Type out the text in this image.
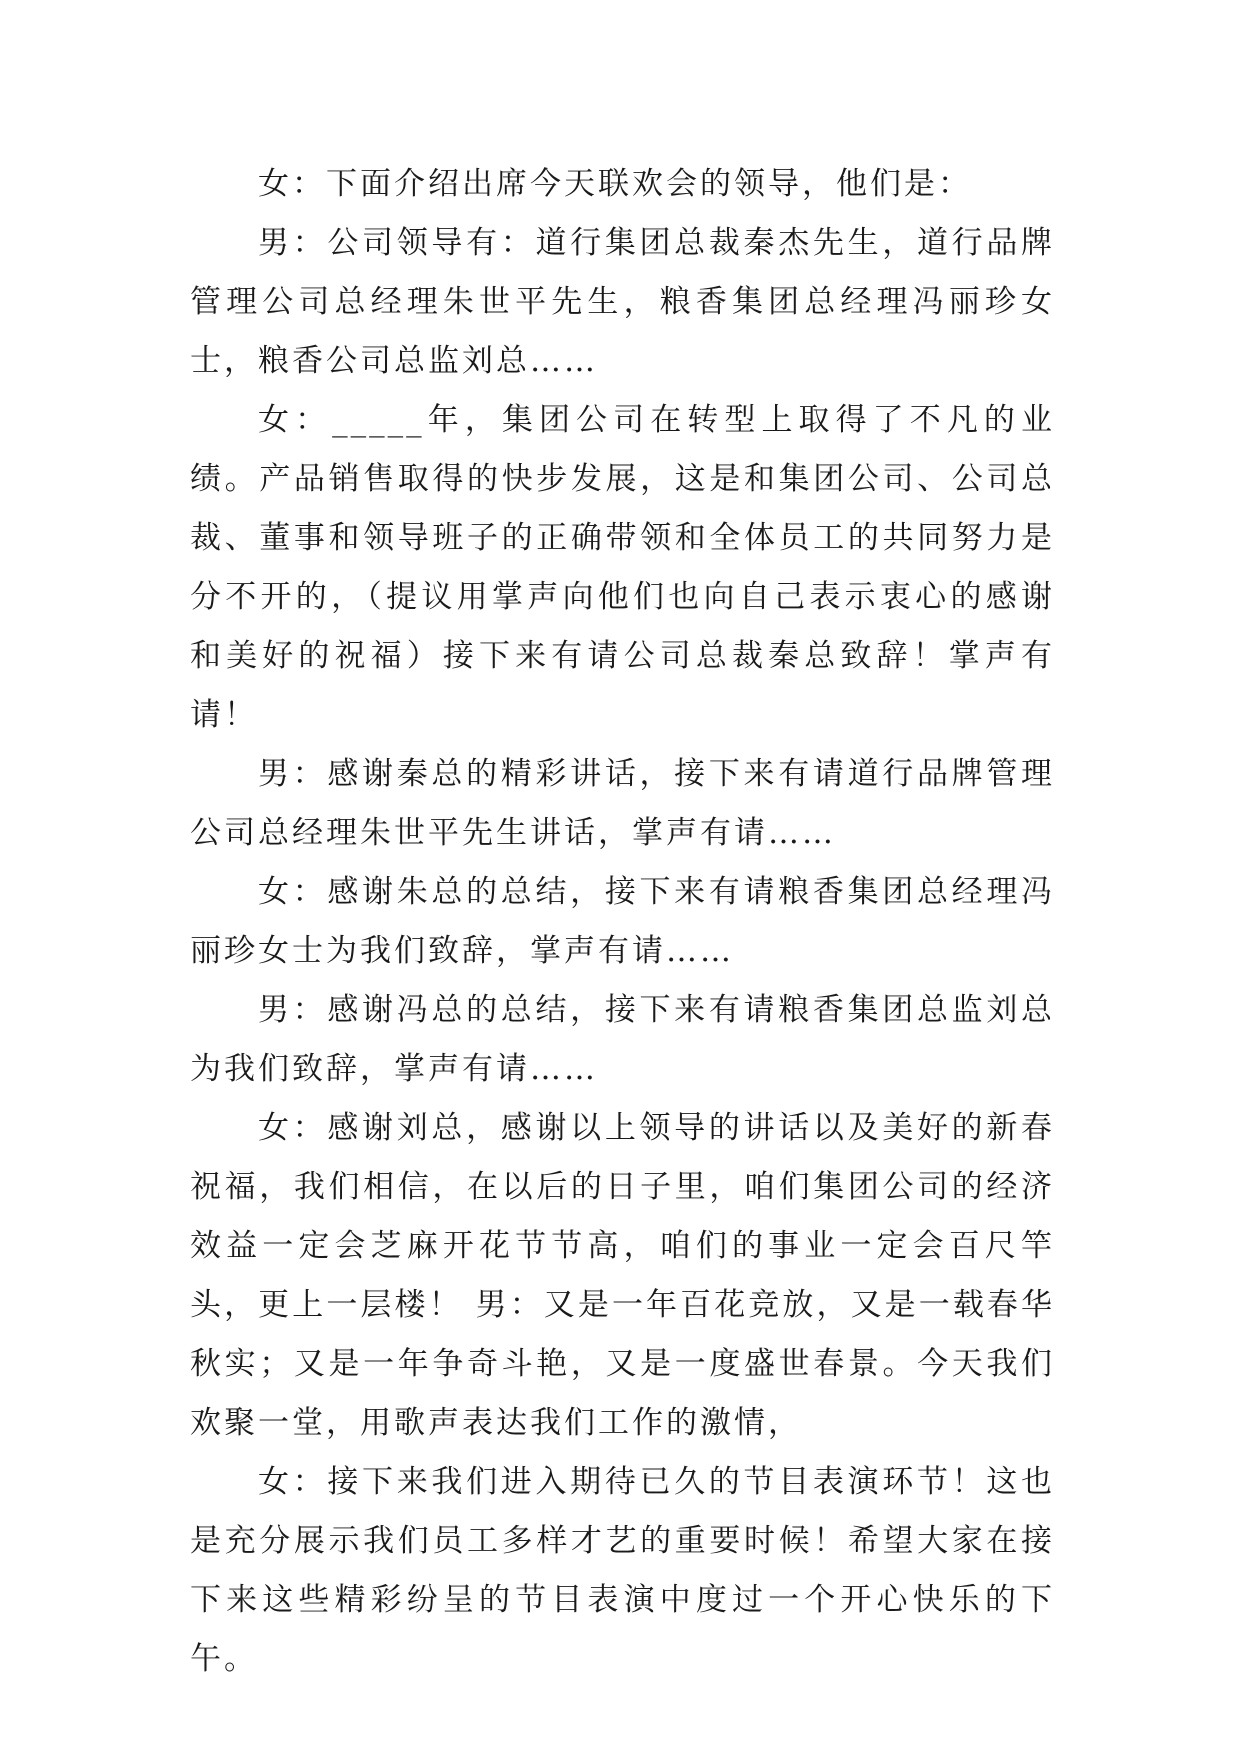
女：下面介绍出席今天联欢会的领导，他们是：

男：公司领导有：道行集团总裁秦杰先生，道行品牌管理公司总经理朱世平先生，粮香集团总经理冯丽珍女士，粮香公司总监刘总……

女：_____年，集团公司在转型上取得了不凡的业绩。产品销售取得的快步发展，这是和集团公司、公司总裁、董事和领导班子的正确带领和全体员工的共同努力是分不开的，（提议用掌声向他们也向自己表示衷心的感谢和美好的祝福）接下来有请公司总裁秦总致辞！掌声有请！

男：感谢秦总的精彩讲话，接下来有请道行品牌管理公司总经理朱世平先生讲话，掌声有请……

女：感谢朱总的总结，接下来有请粮香集团总经理冯丽珍女士为我们致辞，掌声有请……

男：感谢冯总的总结，接下来有请粮香集团总监刘总为我们致辞，掌声有请……

女：感谢刘总，感谢以上领导的讲话以及美好的新春祝福，我们相信，在以后的日子里，咱们集团公司的经济效益一定会芝麻开花节节高，咱们的事业一定会百尺竿头，更上一层楼！ 男：又是一年百花竞放，又是一载春华秋实；又是一年争奇斗艳，又是一度盛世春景。今天我们欢聚一堂，用歌声表达我们工作的激情，

女：接下来我们进入期待已久的节目表演环节！这也是充分展示我们员工多样才艺的重要时候！希望大家在接下来这些精彩纷呈的节目表演中度过一个开心快乐的下午。
